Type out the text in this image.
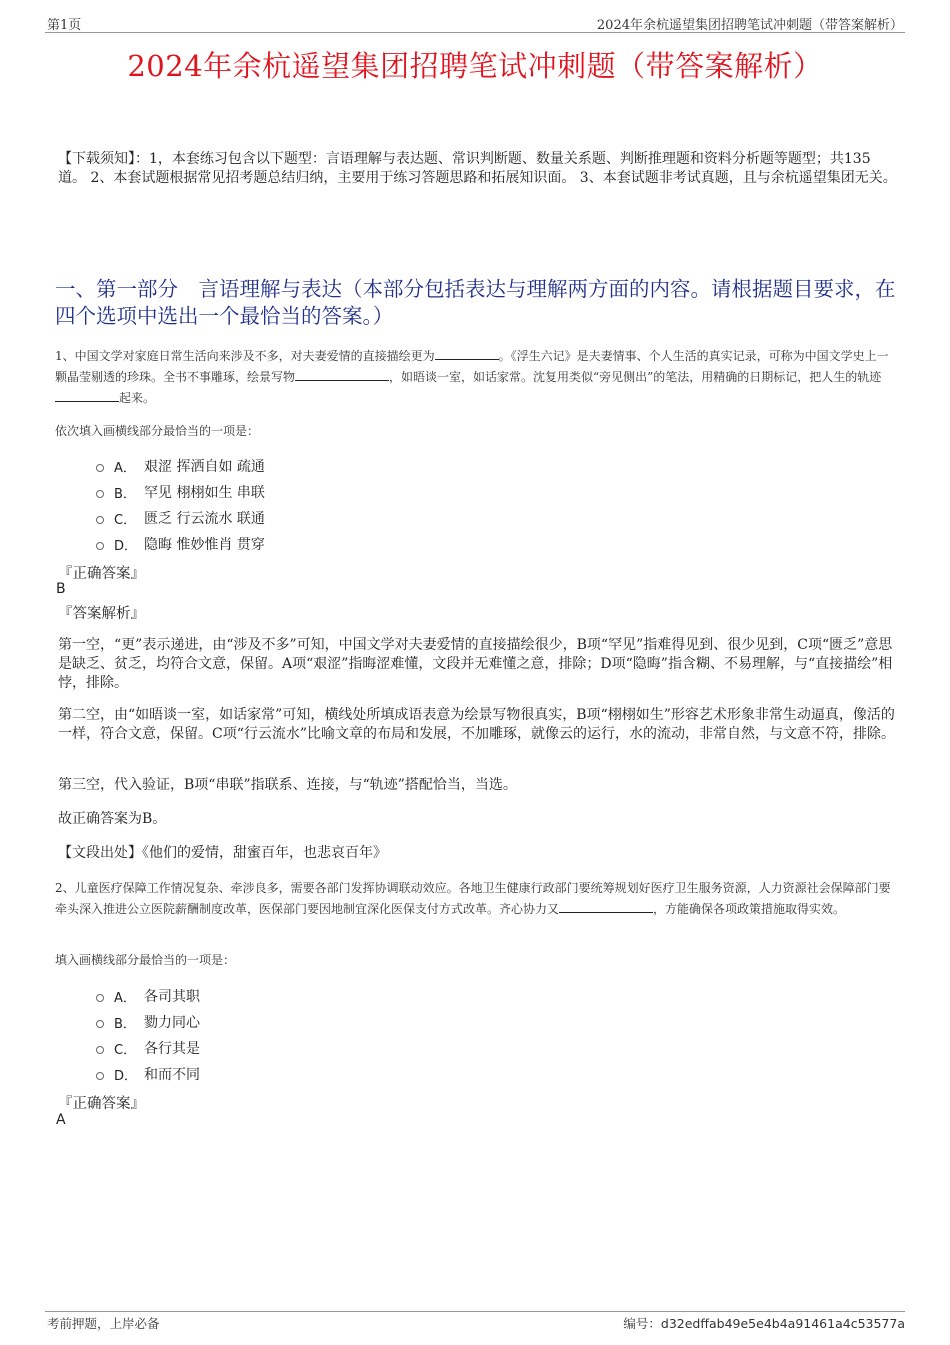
第1页	2024年余杭遥望集团招聘笔试冲刺题（带答案解析）
2024年余杭遥望集团招聘笔试冲刺题（带答案解析）
【下载须知】：1，本套练习包含以下题型：言语理解与表达题、常识判断题、数量关系题、判断推理题和资料分析题等题型；共135道。 2、本套试题根据常见招考题总结归纳，主要用于练习答题思路和拓展知识面。 3、本套试题非考试真题，且与余杭遥望集团无关。
一、第一部分　言语理解与表达（本部分包括表达与理解两方面的内容。请根据题目要求，在四个选项中选出一个最恰当的答案。）
1、中国文学对家庭日常生活向来涉及不多，对夫妻爱情的直接描绘更为	。《浮生六记》是夫妻情事、个人生活的真实记录，可称为中国文学史上一颗晶莹剔透的珍珠。全书不事雕琢，绘景写物	，如晤谈一室，如话家常。沈复用类似“旁见侧出”的笔法，用精确的日期标记，把人生的轨迹起来。
依次填入画横线部分最恰当的一项是：
A． 艰涩 挥洒自如 疏通
B． 罕见 栩栩如生 串联
C． 匮乏 行云流水 联通
D． 隐晦 惟妙惟肖 贯穿
『正确答案』
B
『答案解析』
第一空，“更”表示递进，由“涉及不多”可知，中国文学对夫妻爱情的直接描绘很少，B项“罕见”指难得见到、很少见到，C项“匮乏”意思是缺乏、贫乏，均符合文意，保留。A项“艰涩”指晦涩难懂，文段并无难懂之意，排除；D项“隐晦”指含糊、不易理解，与“直接描绘”相悖，排除。
第二空，由“如晤谈一室，如话家常”可知，横线处所填成语表意为绘景写物很真实，B项“栩栩如生”形容艺术形象非常生动逼真，像活的一样，符合文意，保留。C项“行云流水”比喻文章的布局和发展，不加雕琢，就像云的运行，水的流动，非常自然，与文意不符，排除。
第三空，代入验证，B项“串联”指联系、连接，与“轨迹”搭配恰当，当选。
故正确答案为B。
【文段出处】《他们的爱情，甜蜜百年，也悲哀百年》
2、儿童医疗保障工作情况复杂、牵涉良多，需要各部门发挥协调联动效应。各地卫生健康行政部门要统筹规划好医疗卫生服务资源，人力资源社会保障部门要牵头深入推进公立医院薪酬制度改革，医保部门要因地制宜深化医保支付方式改革。齐心协力又	，方能确保各项政策措施取得实效。
填入画横线部分最恰当的一项是：
A． 各司其职
B． 勠力同心
C． 各行其是
D． 和而不同
『正确答案』
A
考前押题，上岸必备	编号：d32edffab49e5e4b4a91461a4c53577a
